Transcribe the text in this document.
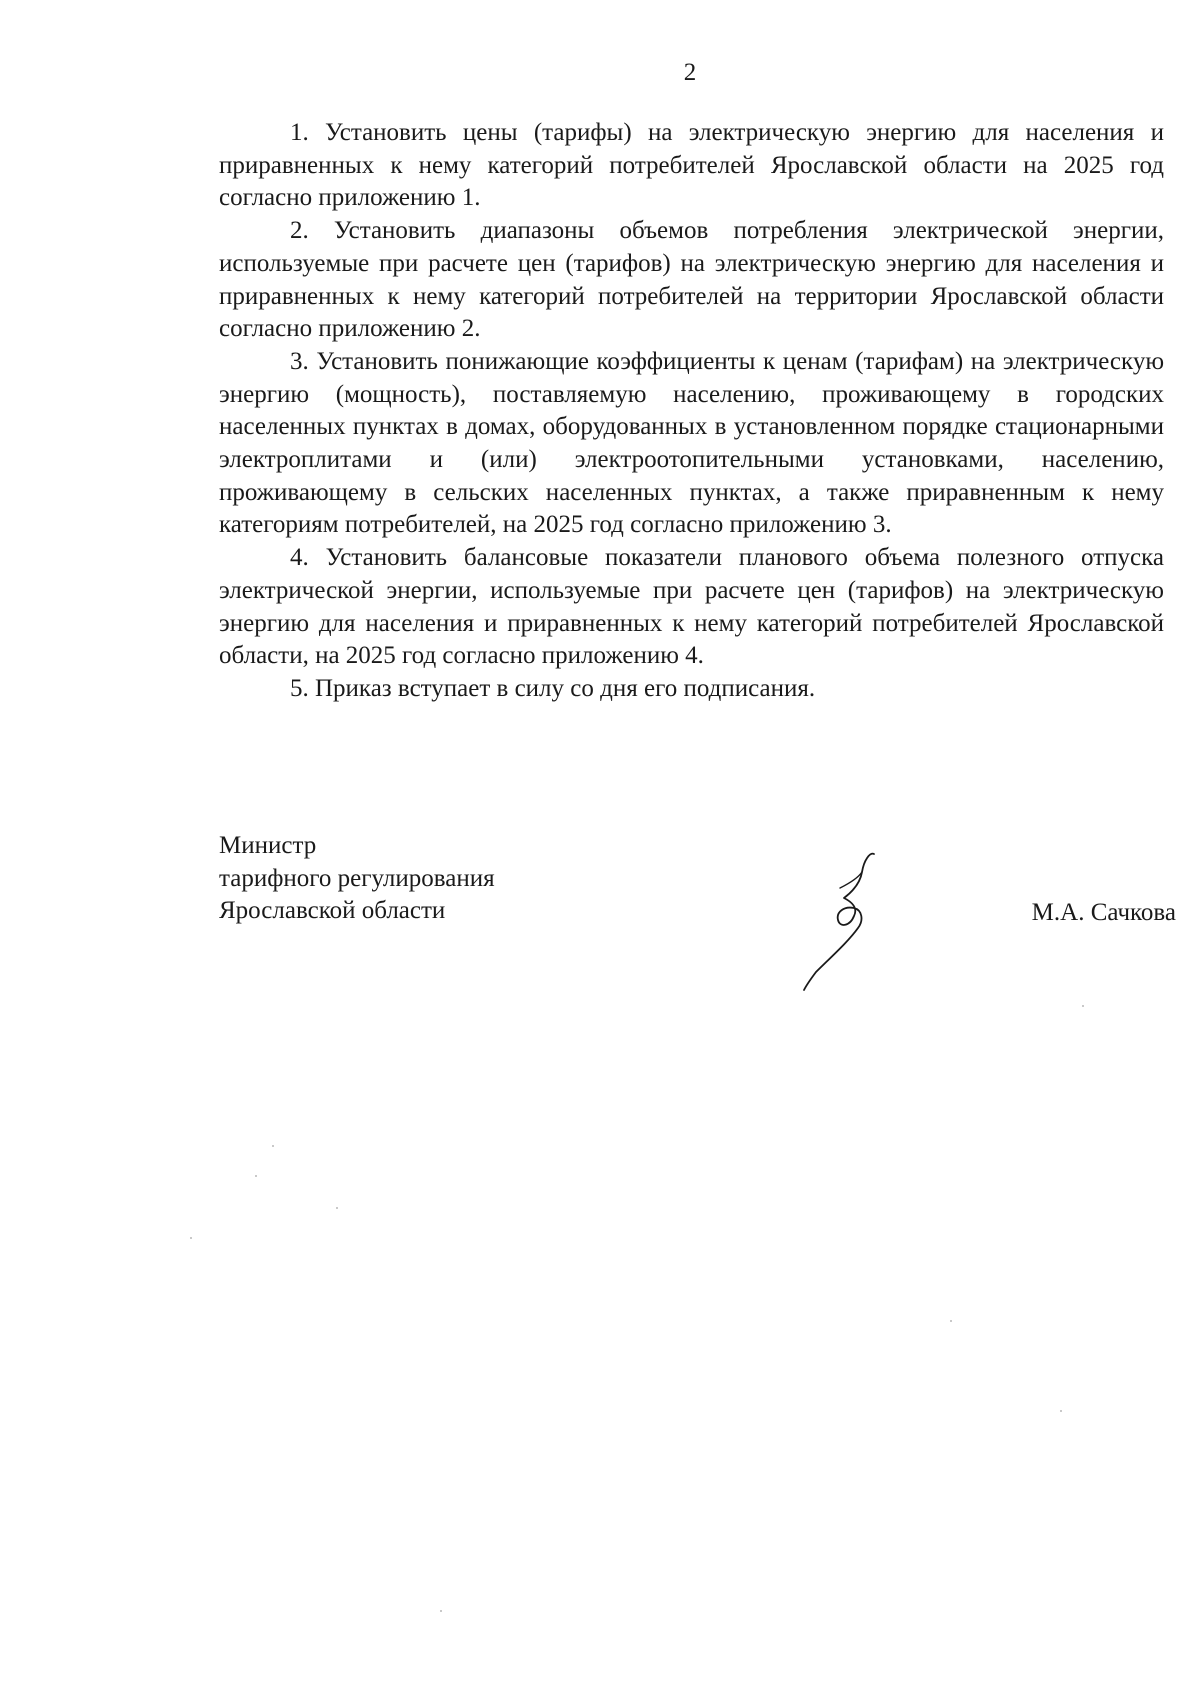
2

1. Установить цены (тарифы) на электрическую энергию для населения и приравненных к нему категорий потребителей Ярославской области на 2025 год согласно приложению 1.

2. Установить диапазоны объемов потребления электрической энергии, используемые при расчете цен (тарифов) на электрическую энергию для населения и приравненных к нему категорий потребителей на территории Ярославской области согласно приложению 2.

3. Установить понижающие коэффициенты к ценам (тарифам) на электрическую энергию (мощность), поставляемую населению, проживающему в городских населенных пунктах в домах, оборудованных в установленном порядке стационарными электроплитами и (или) электроотопительными установками, населению, проживающему в сельских населенных пунктах, а также приравненным к нему категориям потребителей, на 2025 год согласно приложению 3.

4. Установить балансовые показатели планового объема полезного отпуска электрической энергии, используемые при расчете цен (тарифов) на электрическую энергию для населения и приравненных к нему категорий потребителей Ярославской области, на 2025 год согласно приложению 4.

5. Приказ вступает в силу со дня его подписания.

Министр
тарифного регулирования
Ярославской области	М.А. Сачкова
